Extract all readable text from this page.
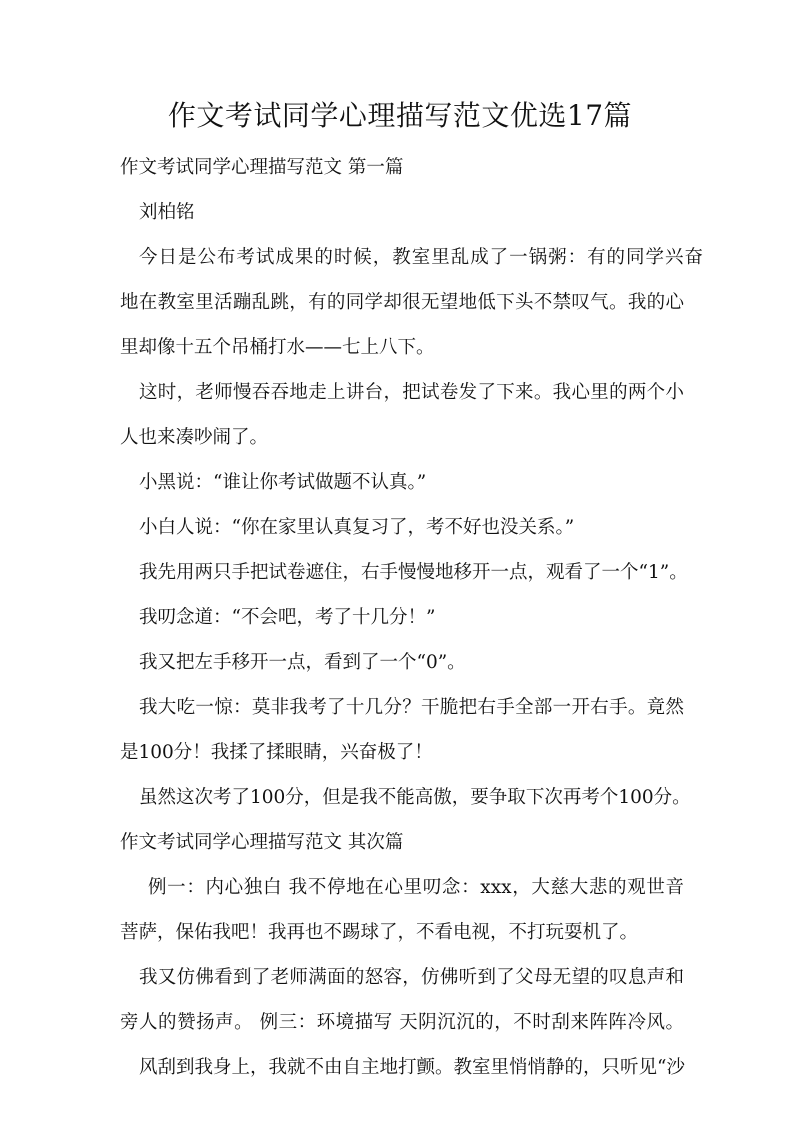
作文考试同学心理描写范文优选17篇
作文考试同学心理描写范文 第一篇
刘柏铭
今日是公布考试成果的时候，教室里乱成了一锅粥：有的同学兴奋
地在教室里活蹦乱跳，有的同学却很无望地低下头不禁叹气。我的心
里却像十五个吊桶打水——七上八下。
这时，老师慢吞吞地走上讲台，把试卷发了下来。我心里的两个小
人也来凑吵闹了。
小黑说：“谁让你考试做题不认真。”
小白人说：“你在家里认真复习了，考不好也没关系。”
我先用两只手把试卷遮住，右手慢慢地移开一点，观看了一个“1”。
我叨念道：“不会吧，考了十几分！”
我又把左手移开一点，看到了一个“0”。
我大吃一惊：莫非我考了十几分？干脆把右手全部一开右手。竟然
是100分！我揉了揉眼睛，兴奋极了！
虽然这次考了100分，但是我不能高傲，要争取下次再考个100分。
作文考试同学心理描写范文 其次篇
例一：内心独白 我不停地在心里叨念：xxx，大慈大悲的观世音
菩萨，保佑我吧！我再也不踢球了，不看电视，不打玩耍机了。
我又仿佛看到了老师满面的怒容，仿佛听到了父母无望的叹息声和
旁人的赞扬声。 例三：环境描写 天阴沉沉的，不时刮来阵阵冷风。
风刮到我身上，我就不由自主地打颤。教室里悄悄静的，只听见“沙
